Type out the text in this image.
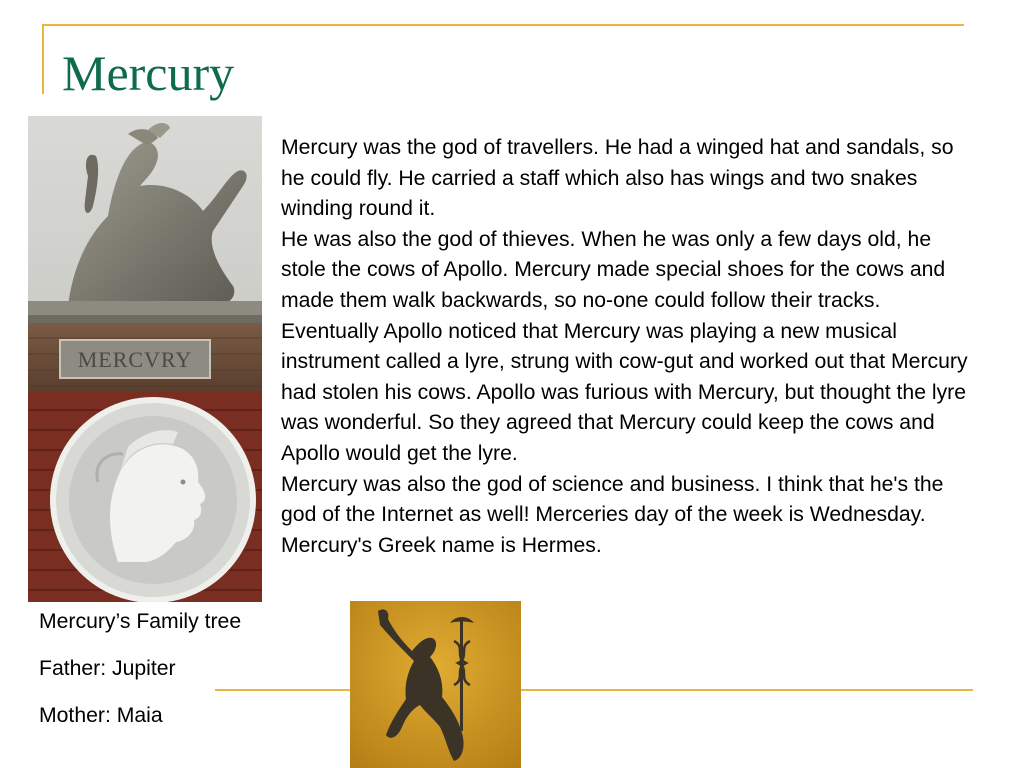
Mercury
MERCVRY

Mercury was the god of travellers. He had a winged hat and sandals, so he could fly. He carried a staff which also has wings and two snakes winding round it.

He was also the god of thieves. When he was only a few days old, he stole the cows of Apollo. Mercury made special shoes for the cows and made them walk backwards, so no-one could follow their tracks. Eventually Apollo noticed that Mercury was playing a new musical instrument called a lyre, strung with cow-gut and worked out that Mercury had stolen his cows. Apollo was furious with Mercury, but thought the lyre was wonderful. So they agreed that Mercury could keep the cows and Apollo would get the lyre.

Mercury was also the god of science and business. I think that he's the god of the Internet as well! Merceries day of the week is Wednesday. Mercury's Greek name is Hermes.

Mercury’s Family tree

Father: Jupiter

Mother: Maia
